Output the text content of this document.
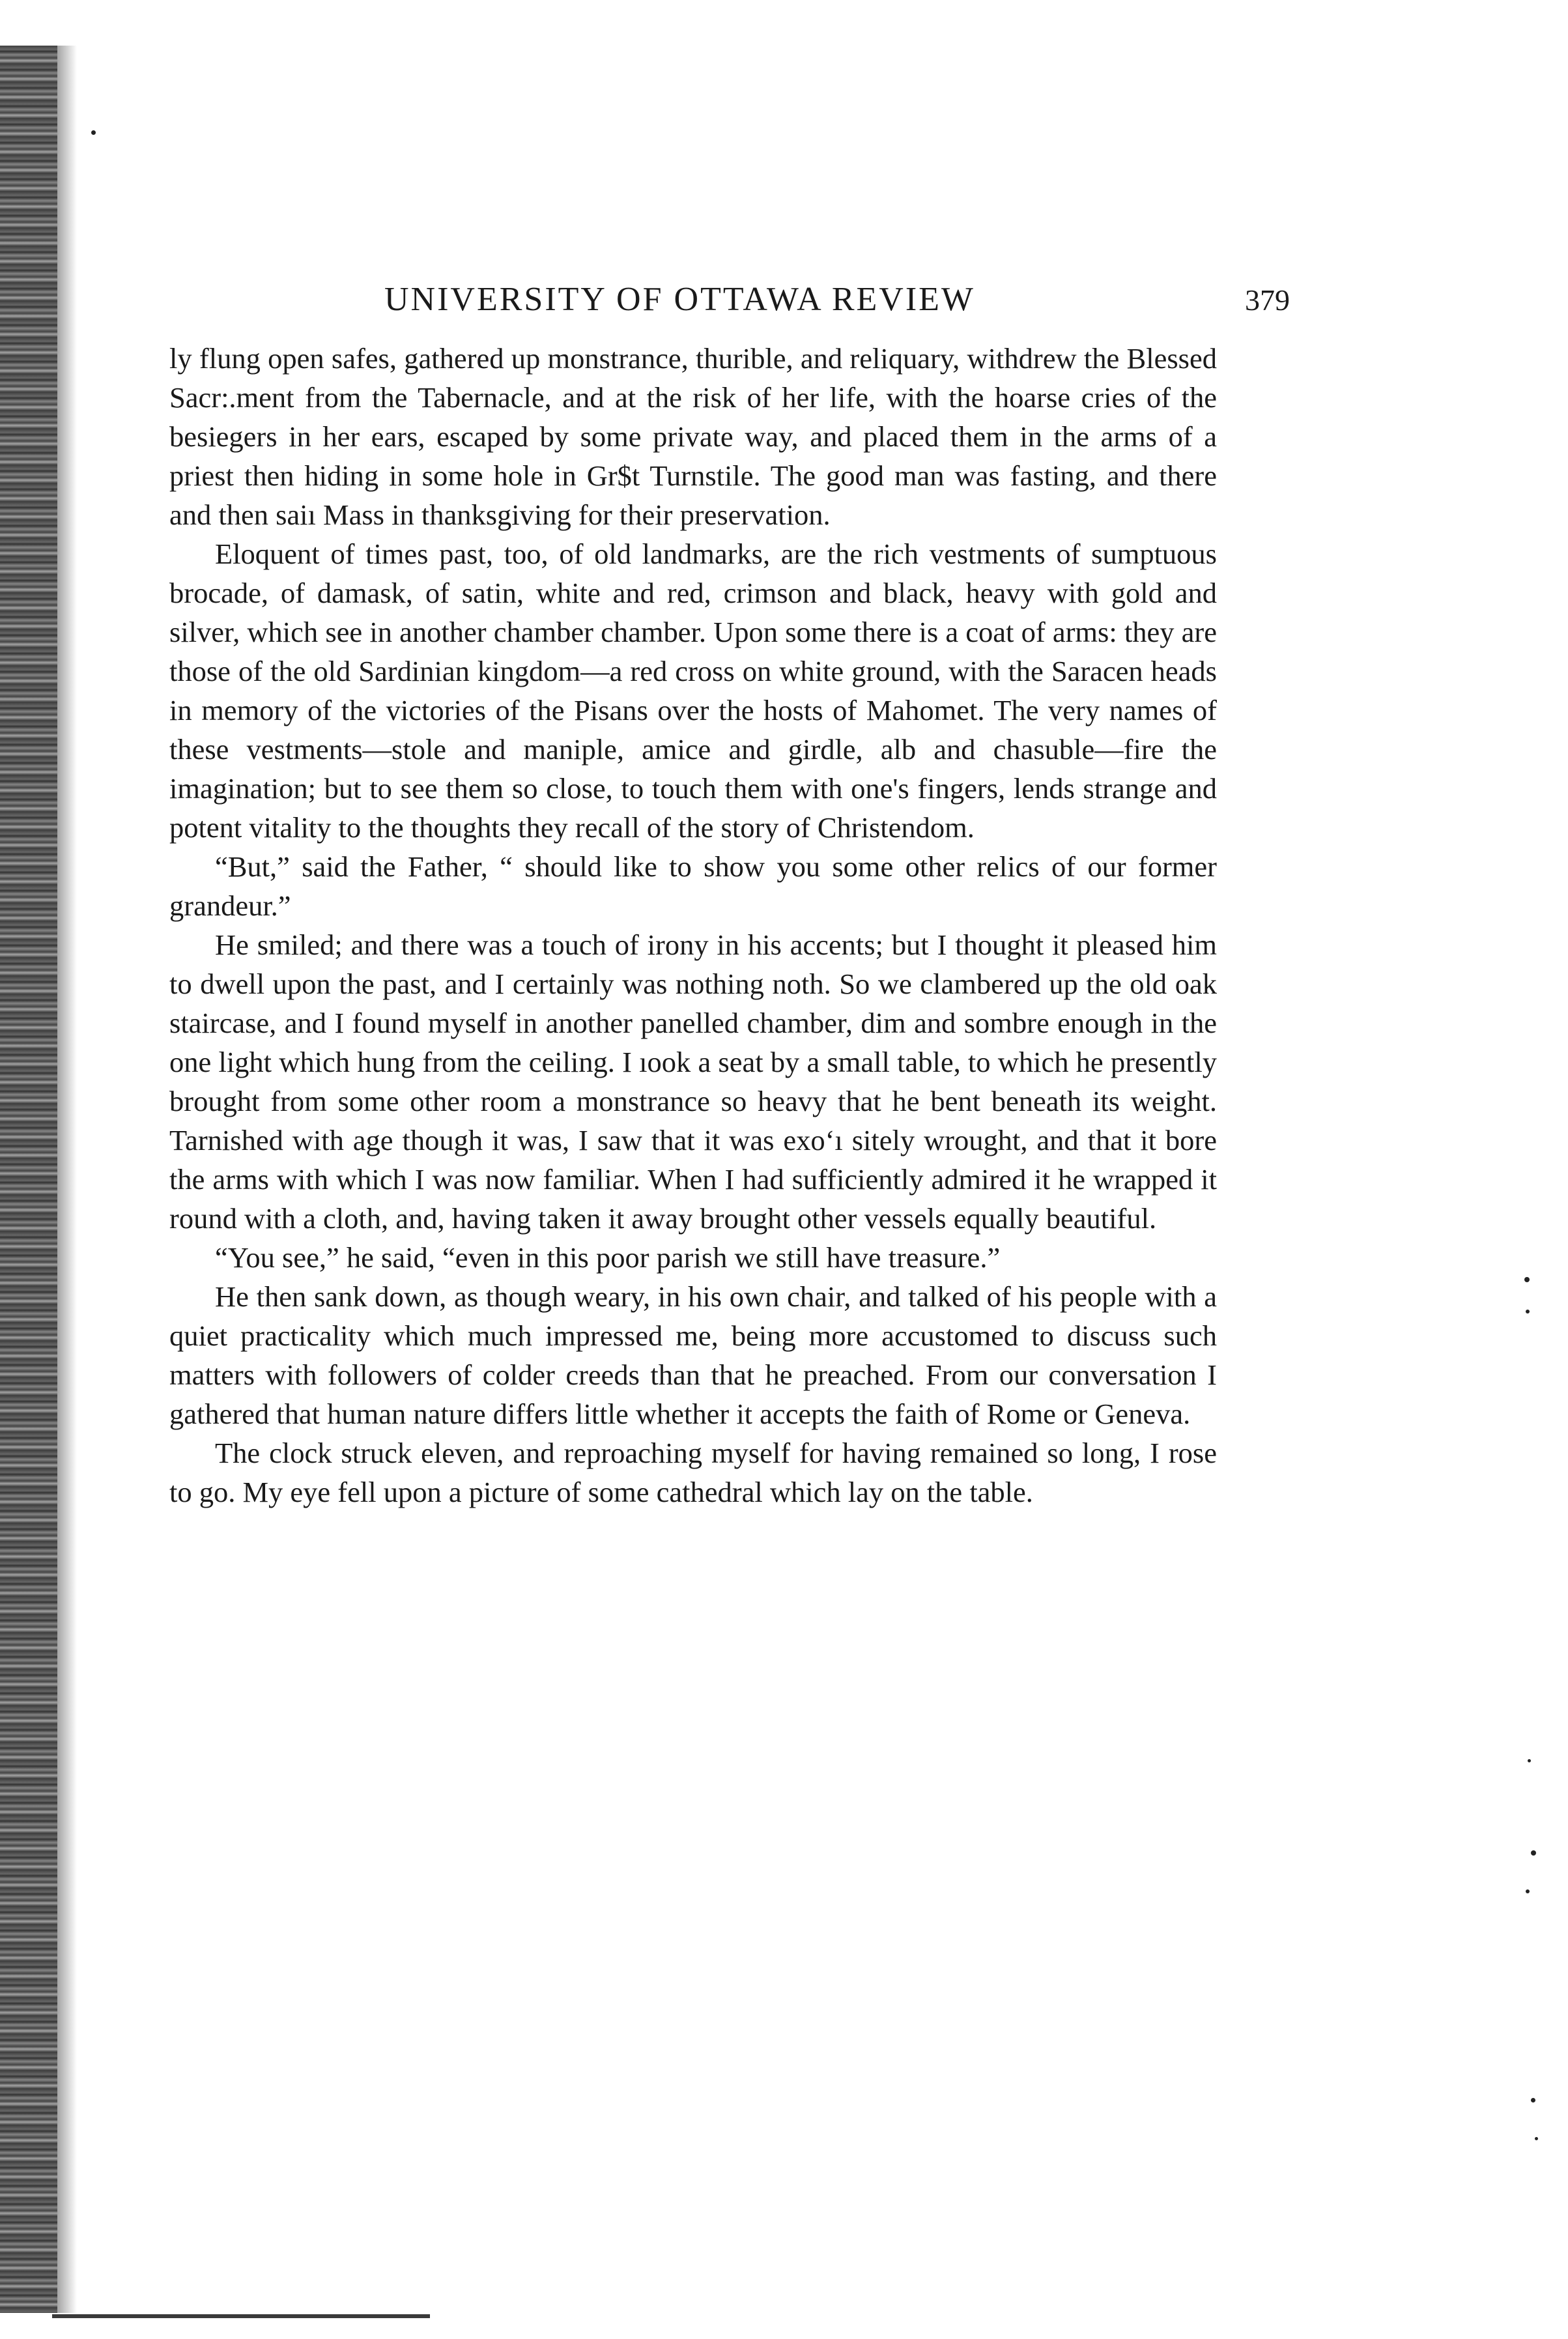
UNIVERSITY OF OTTAWA REVIEW	379

ly flung open safes, gathered up monstrance, thurible, and reliquary, withdrew the Blessed Sacr:.ment from the Tabernacle, and at the risk of her life, with the hoarse cries of the besiegers in her ears, escaped by some private way, and placed them in the arms of a priest then hiding in some hole in Gr$t Turnstile. The good man was fasting, and there and then saiı Mass in thanksgiving for their preservation.

Eloquent of times past, too, of old landmarks, are the rich vestments of sumptuous brocade, of damask, of satin, white and red, crimson and black, heavy with gold and silver, which see in another chamber chamber. Upon some there is a coat of arms: they are those of the old Sardinian kingdom—a red cross on white ground, with the Saracen heads in memory of the victories of the Pisans over the hosts of Mahomet. The very names of these vestments—stole and maniple, amice and girdle, alb and chasuble—fire the imagination; but to see them so close, to touch them with one's fingers, lends strange and potent vitality to the thoughts they recall of the story of Christendom.

“But,” said the Father, “ should like to show you some other relics of our former grandeur.”

He smiled; and there was a touch of irony in his accents; but I thought it pleased him to dwell upon the past, and I certainly was nothing noth. So we clambered up the old oak staircase, and I found myself in another panelled chamber, dim and sombre enough in the one light which hung from the ceiling. I ıook a seat by a small table, to which he presently brought from some other room a monstrance so heavy that he bent beneath its weight. Tarnished with age though it was, I saw that it was exoʻı sitely wrought, and that it bore the arms with which I was now familiar. When I had sufficiently admired it he wrapped it round with a cloth, and, having taken it away brought other vessels equally beautiful.

“You see,” he said, “even in this poor parish we still have treasure.”

He then sank down, as though weary, in his own chair, and talked of his people with a quiet practicality which much impressed me, being more accustomed to discuss such matters with followers of colder creeds than that he preached. From our conversation I gathered that human nature differs little whether it accepts the faith of Rome or Geneva.

The clock struck eleven, and reproaching myself for having remained so long, I rose to go. My eye fell upon a picture of some cathedral which lay on the table.
